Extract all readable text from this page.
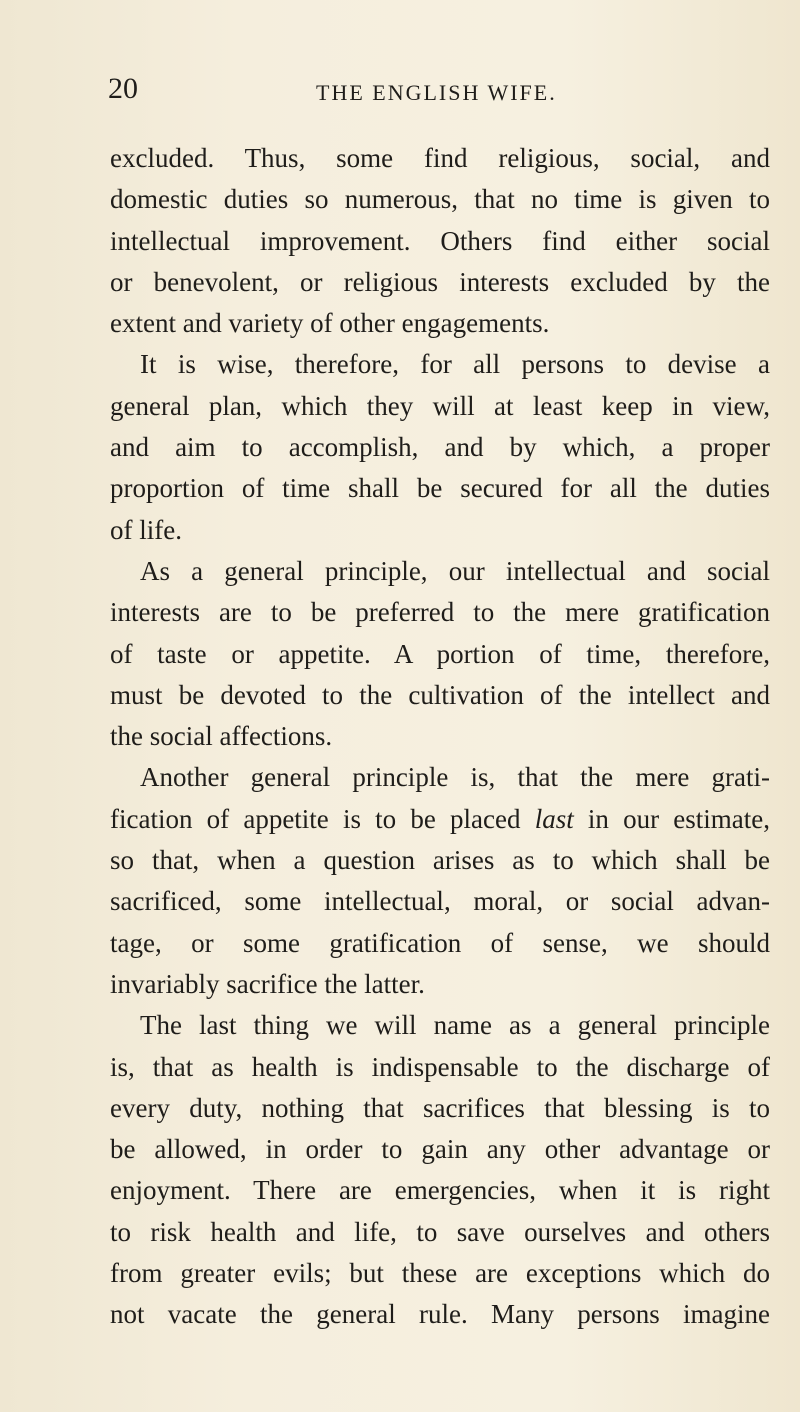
20	THE ENGLISH WIFE.
excluded. Thus, some find religious, social, and
domestic duties so numerous, that no time is given to
intellectual improvement. Others find either social
or benevolent, or religious interests excluded by the
extent and variety of other engagements.
It is wise, therefore, for all persons to devise a
general plan, which they will at least keep in view,
and aim to accomplish, and by which, a proper
proportion of time shall be secured for all the duties
of life.
As a general principle, our intellectual and social
interests are to be preferred to the mere gratification
of taste or appetite. A portion of time, therefore,
must be devoted to the cultivation of the intellect and
the social affections.
Another general principle is, that the mere grati-
fication of appetite is to be placed last in our estimate,
so that, when a question arises as to which shall be
sacrificed, some intellectual, moral, or social advan-
tage, or some gratification of sense, we should
invariably sacrifice the latter.
The last thing we will name as a general principle
is, that as health is indispensable to the discharge of
every duty, nothing that sacrifices that blessing is to
be allowed, in order to gain any other advantage or
enjoyment. There are emergencies, when it is right
to risk health and life, to save ourselves and others
from greater evils; but these are exceptions which do
not vacate the general rule. Many persons imagine
